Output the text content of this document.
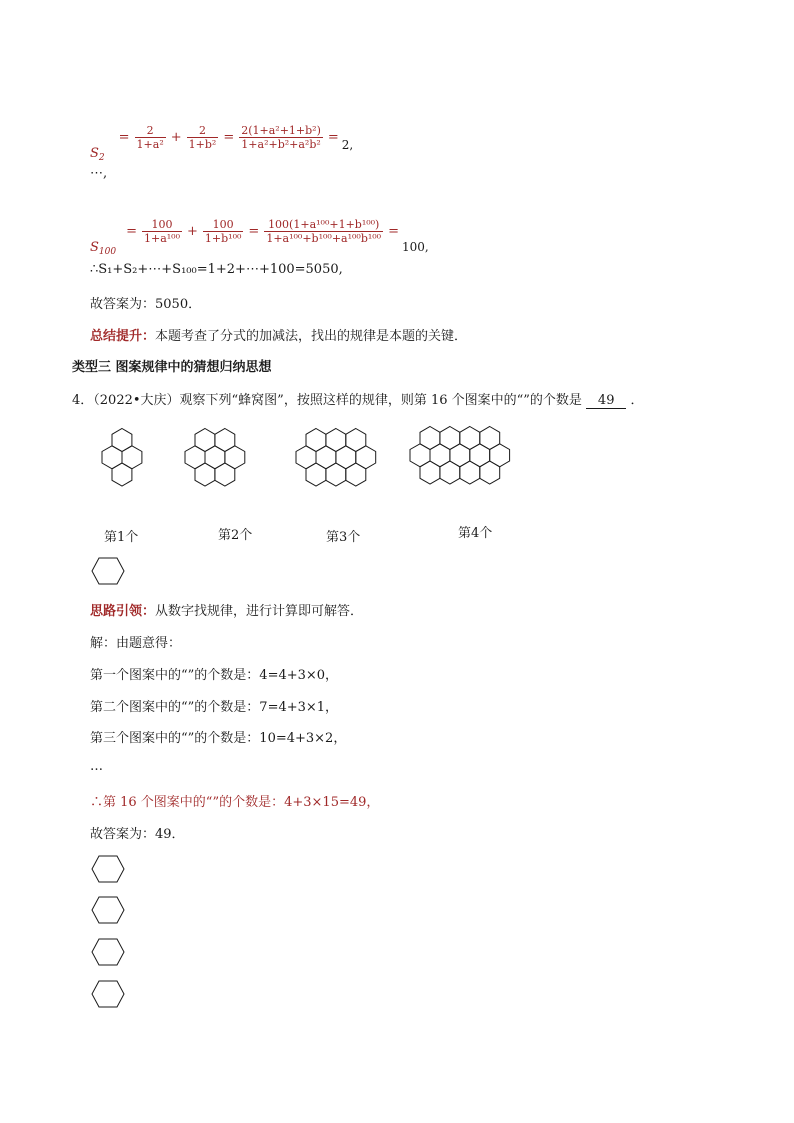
$S_2$
= $\frac{2}{\text{1+a²}} + \frac{2}{\text{1+b²}} = \frac{\text{2(1+a²+1+b²)}}{\text{1+a²+b²+a²b²}} = 2$,
⋯,
$S_{100}$
= $\frac{100}{\text{1+a¹⁰⁰}} + \frac{100}{\text{1+b¹⁰⁰}} = \frac{\text{100(1+a¹⁰⁰+1+b¹⁰⁰)}}{\text{1+a¹⁰⁰+b¹⁰⁰+a¹⁰⁰b¹⁰⁰}}$ =
100,
∴S₁+S₂+⋯+S₁₀₀=1+2+⋯+100=5050,
故答案为：5050．
总结提升：本题考查了分式的加减法，找出的规律是本题的关键．
类型三 图案规律中的猜想归纳思想
4．（2022•大庆）观察下列“蜂窝图”，按照这样的规律，则第 16 个图案中的“”的个数是 49 ．
第1个	第2个	第3个	第4个
思路引领：从数字找规律，进行计算即可解答．
解：由题意得：
第一个图案中的“”的个数是：4=4+3×0，
第二个图案中的“”的个数是：7=4+3×1，
第三个图案中的“”的个数是：10=4+3×2，
…
∴第 16 个图案中的“”的个数是：4+3×15=49，
故答案为：49．
